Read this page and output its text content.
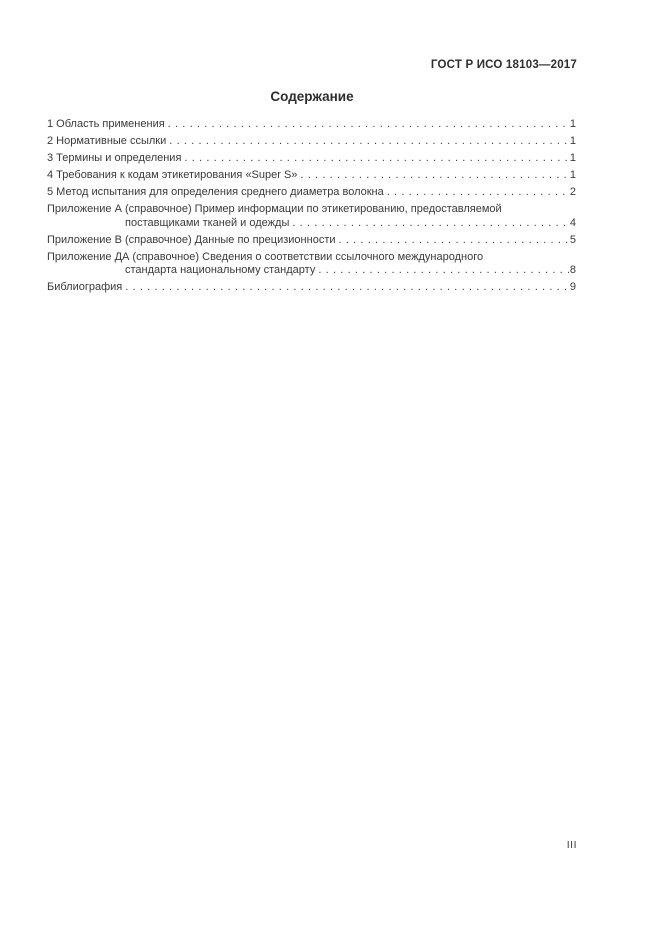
ГОСТ Р ИСО 18103—2017
Содержание
1 Область применения . . .	1
2 Нормативные ссылки . . .	1
3 Термины и определения . . .	1
4 Требования к кодам этикетирования «Super S» . . .	1
5 Метод испытания для определения среднего диаметра волокна . . .	2
Приложение А (справочное) Пример информации по этикетированию, предоставляемой
поставщиками тканей и одежды . . .	4
Приложение В (справочное) Данные по прецизионности . . .	5
Приложение ДА (справочное) Сведения о соответствии ссылочного международного
стандарта национальному стандарту . . .	8
Библиография . . .	9
III
